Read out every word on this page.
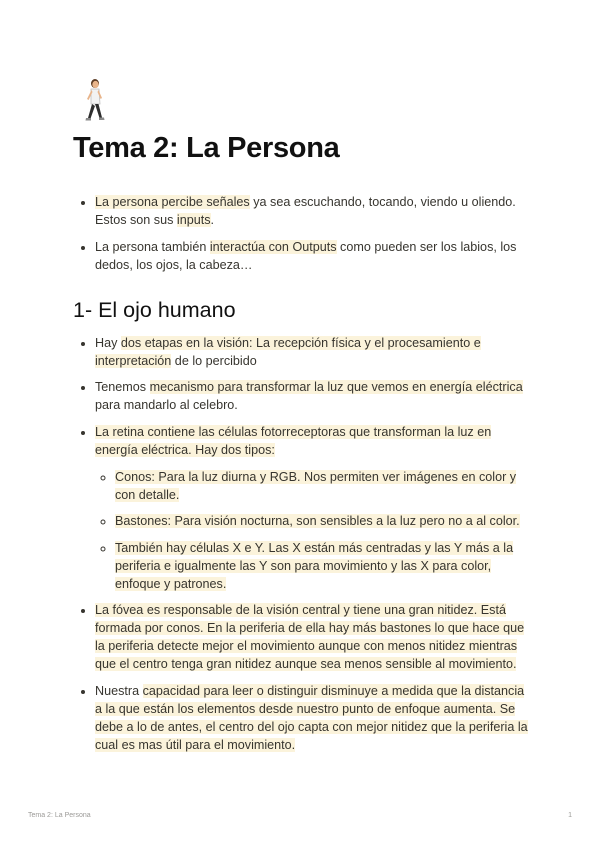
Tema 2: La Persona
• La persona percibe señales ya sea escuchando, tocando, viendo u oliendo. Estos son sus inputs.
• La persona también interactúa con Outputs como pueden ser los labios, los dedos, los ojos, la cabeza…
1- El ojo humano
• Hay dos etapas en la visión: La recepción física y el procesamiento e interpretación de lo percibido
• Tenemos mecanismo para transformar la luz que vemos en energía eléctrica para mandarlo al celebro.
• La retina contiene las células fotorreceptoras que transforman la luz en energía eléctrica. Hay dos tipos:
◦ Conos: Para la luz diurna y RGB. Nos permiten ver imágenes en color y con detalle.
◦ Bastones: Para visión nocturna, son sensibles a la luz pero no a al color.
◦ También hay células X e Y. Las X están más centradas y las Y más a la periferia e igualmente las Y son para movimiento y las X para color, enfoque y patrones.
• La fóvea es responsable de la visión central y tiene una gran nitidez. Está formada por conos. En la periferia de ella hay más bastones lo que hace que la periferia detecte mejor el movimiento aunque con menos nitidez mientras que el centro tenga gran nitidez aunque sea menos sensible al movimiento.
• Nuestra capacidad para leer o distinguir disminuye a medida que la distancia a la que están los elementos desde nuestro punto de enfoque aumenta. Se debe a lo de antes, el centro del ojo capta con mejor nitidez que la periferia la cual es mas útil para el movimiento.
Tema 2: La Persona	1
